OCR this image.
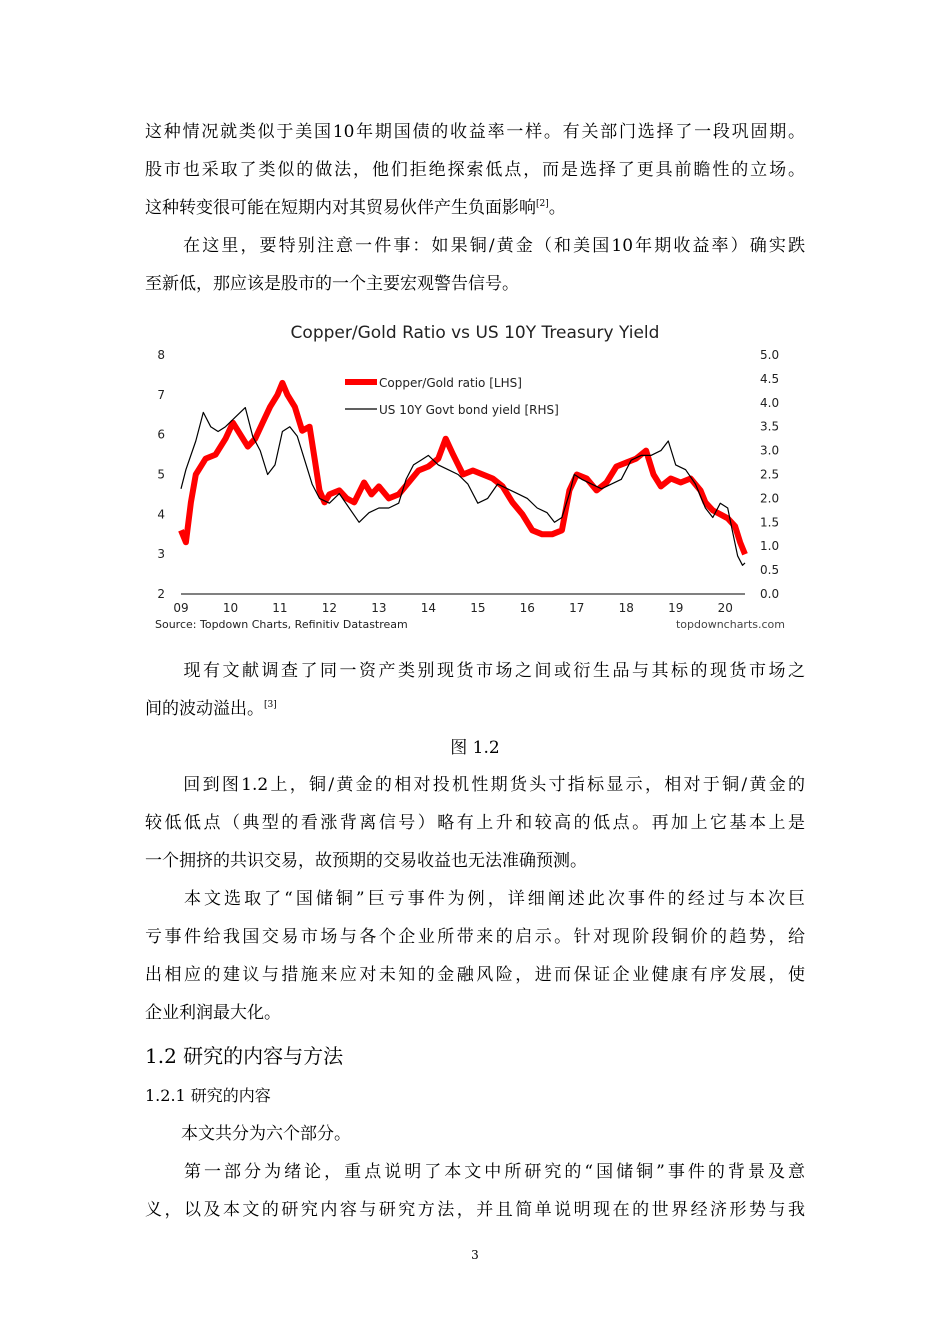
这种情况就类似于美国10年期国债的收益率一样。有关部门选择了一段巩固期。
股市也采取了类似的做法，他们拒绝探索低点，而是选择了更具前瞻性的立场。
这种转变很可能在短期内对其贸易伙伴产生负面影响[2]。
在这里，要特别注意一件事：如果铜/黄金（和美国10年期收益率）确实跌
至新低，那应该是股市的一个主要宏观警告信号。
Copper/Gold Ratio vs US 10Y Treasury Yield
8
7
6
5
4
3
2
5.0
4.5
4.0
3.5
3.0
2.5
2.0
1.5
1.0
0.5
0.0
09	10	11	12	13	14	15	16	17	18	19	20
Copper/Gold ratio [LHS]
US 10Y Govt bond yield [RHS]
Source: Topdown Charts, Refinitiv Datastream	topdowncharts.com
现有文献调查了同一资产类别现货市场之间或衍生品与其标的现货市场之
间的波动溢出。[3]
图 1.2
回到图1.2上，铜/黄金的相对投机性期货头寸指标显示，相对于铜/黄金的
较低低点（典型的看涨背离信号）略有上升和较高的低点。再加上它基本上是
一个拥挤的共识交易，故预期的交易收益也无法准确预测。
本文选取了“国储铜”巨亏事件为例，详细阐述此次事件的经过与本次巨
亏事件给我国交易市场与各个企业所带来的启示。针对现阶段铜价的趋势，给
出相应的建议与措施来应对未知的金融风险，进而保证企业健康有序发展，使
企业利润最大化。
1.2 研究的内容与方法
1.2.1 研究的内容
本文共分为六个部分。
第一部分为绪论，重点说明了本文中所研究的“国储铜”事件的背景及意
义，以及本文的研究内容与研究方法，并且简单说明现在的世界经济形势与我
3
